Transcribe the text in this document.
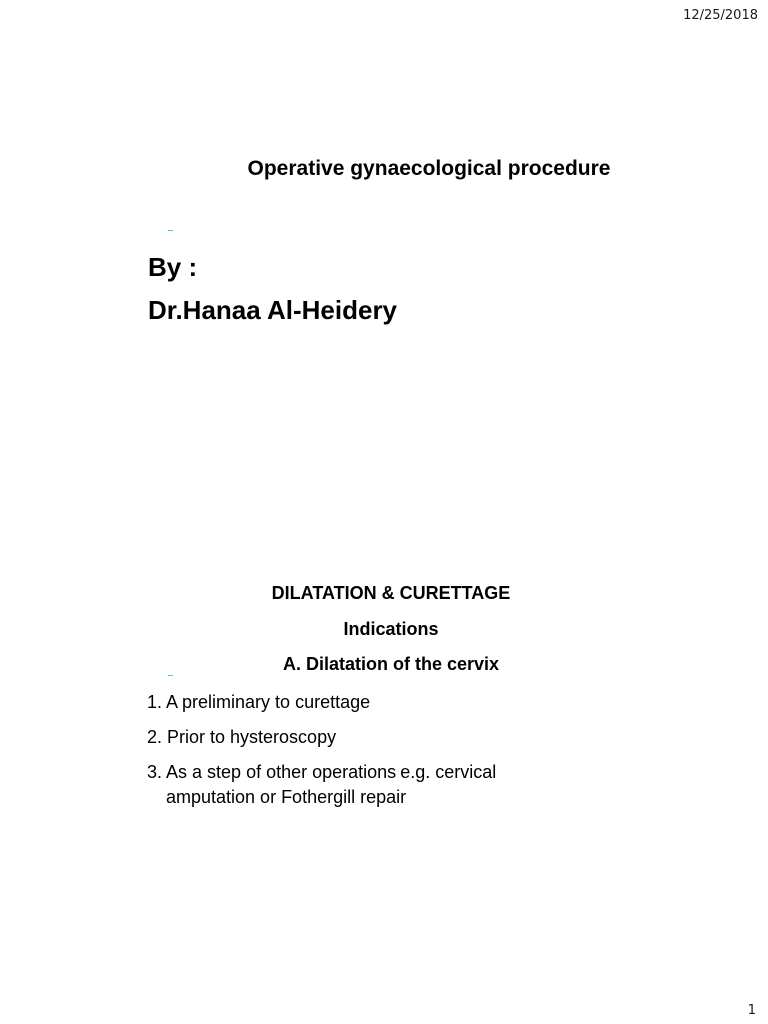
12/25/2018
Operative gynaecological procedure
By :
Dr.Hanaa Al-Heidery
DILATATION & CURETTAGE
Indications
A. Dilatation of the cervix
1. A preliminary to curettage
2. Prior to hysteroscopy
3. As a step of other operations e.g. cervical
amputation or Fothergill repair
1
